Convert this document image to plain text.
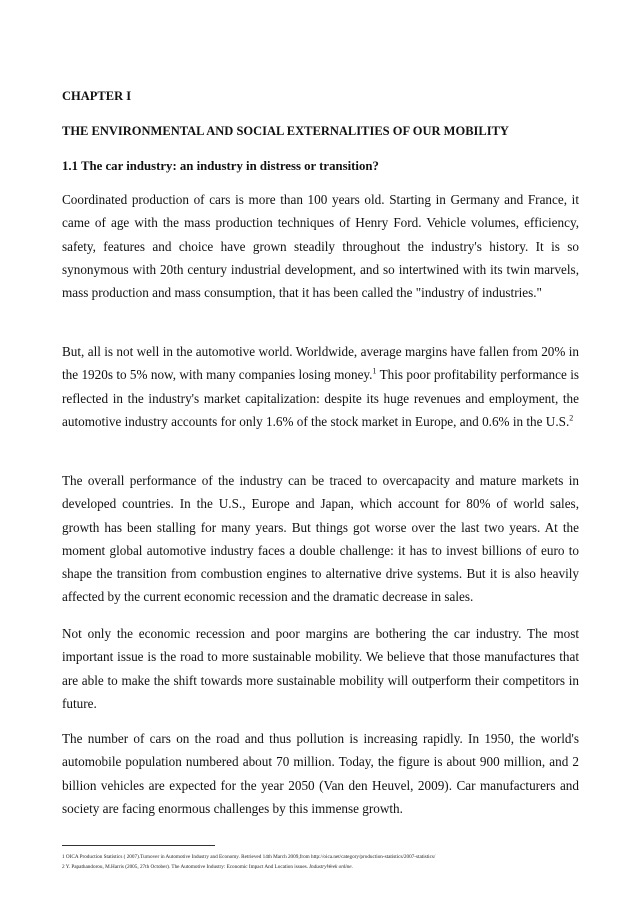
CHAPTER I
THE ENVIRONMENTAL AND SOCIAL EXTERNALITIES OF OUR MOBILITY
1.1 The car industry: an industry in distress or transition?

Coordinated production of cars is more than 100 years old. Starting in Germany and France, it came of age with the mass production techniques of Henry Ford. Vehicle volumes, efficiency, safety, features and choice have grown steadily throughout the industry's history. It is so synonymous with 20th century industrial development, and so intertwined with its twin marvels, mass production and mass consumption, that it has been called the "industry of industries."

But, all is not well in the automotive world. Worldwide, average margins have fallen from 20% in the 1920s to 5% now, with many companies losing money.$^1$ This poor profitability performance is reflected in the industry's market capitalization: despite its huge revenues and employment, the automotive industry accounts for only 1.6% of the stock market in Europe, and 0.6% in the U.S.$^2$

The overall performance of the industry can be traced to overcapacity and mature markets in developed countries. In the U.S., Europe and Japan, which account for 80% of world sales, growth has been stalling for many years. But things got worse over the last two years. At the moment global automotive industry faces a double challenge: it has to invest billions of euro to shape the transition from combustion engines to alternative drive systems. But it is also heavily affected by the current economic recession and the dramatic decrease in sales.

Not only the economic recession and poor margins are bothering the car industry. The most important issue is the road to more sustainable mobility. We believe that those manufactures that are able to make the shift towards more sustainable mobility will outperform their competitors in future.

The number of cars on the road and thus pollution is increasing rapidly. In 1950, the world's automobile population numbered about 70 million. Today, the figure is about 900 million, and 2 billion vehicles are expected for the year 2050 (Van den Heuvel, 2009). Car manufacturers and society are facing enormous challenges by this immense growth.

1 OICA Production Statistics ( 2007).Turnover in Automotive Industry and Economy. Retrieved 14th March 2009,from http://oica.net/category/production-statistics/2007-statistics/
2 Y. Papathandorou, M.Harris (2005, 27th October). The Automotive Industry: Economic Impact And Location issues. IndustryWeek online.
